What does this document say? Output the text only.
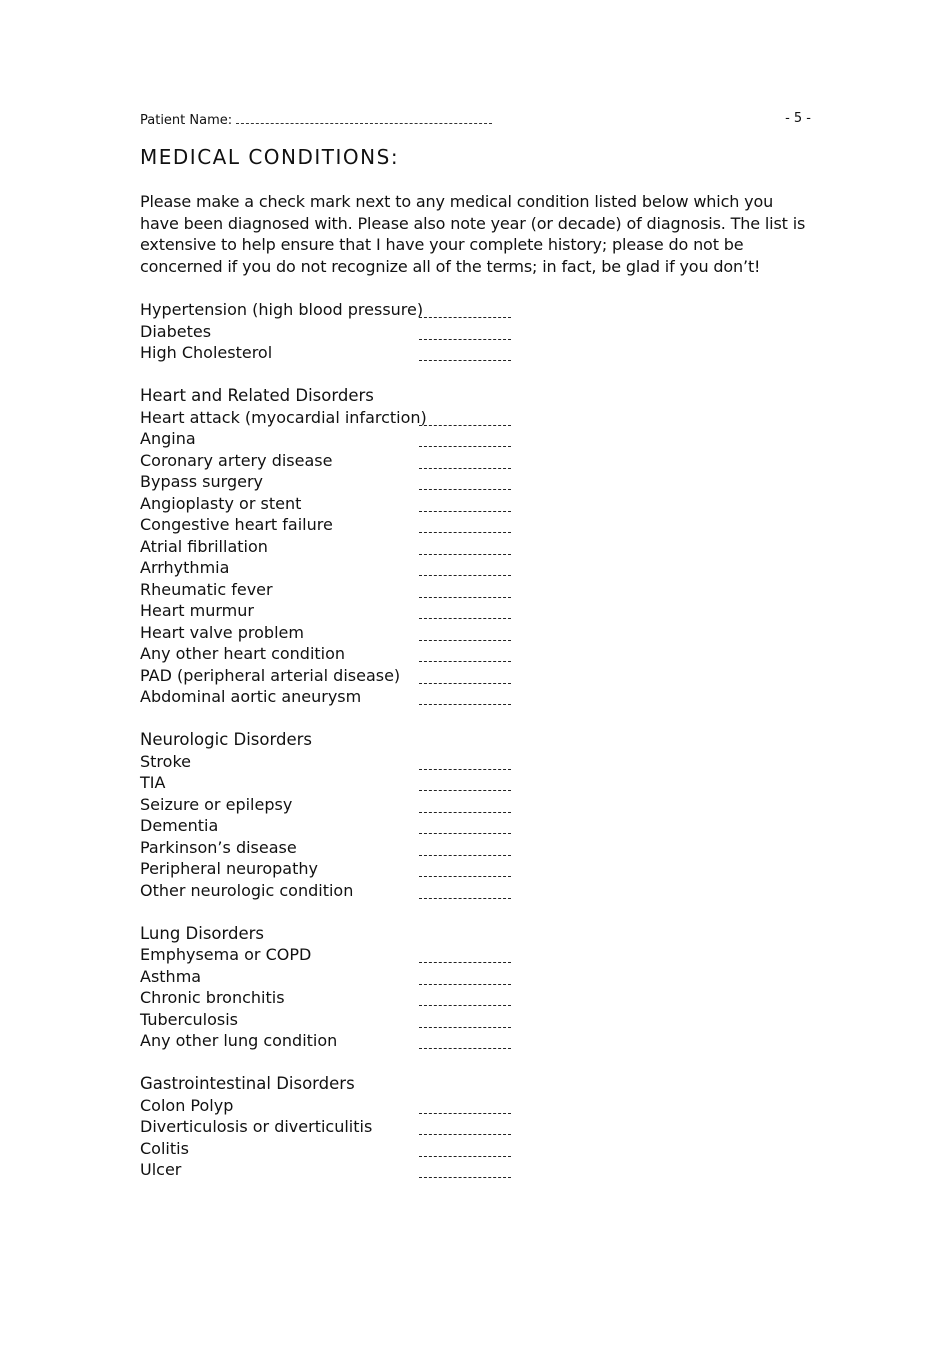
Patient Name:	- 5 -
MEDICAL CONDITIONS:

Please make a check mark next to any medical condition listed below which you have been diagnosed with. Please also note year (or decade) of diagnosis. The list is extensive to help ensure that I have your complete history; please do not be concerned if you do not recognize all of the terms; in fact, be glad if you don’t!

Hypertension (high blood pressure)
Diabetes
High Cholesterol
Heart and Related Disorders
Heart attack (myocardial infarction)
Angina
Coronary artery disease
Bypass surgery
Angioplasty or stent
Congestive heart failure
Atrial fibrillation
Arrhythmia
Rheumatic fever
Heart murmur
Heart valve problem
Any other heart condition
PAD (peripheral arterial disease)
Abdominal aortic aneurysm
Neurologic Disorders
Stroke
TIA
Seizure or epilepsy
Dementia
Parkinson’s disease
Peripheral neuropathy
Other neurologic condition
Lung Disorders
Emphysema or COPD
Asthma
Chronic bronchitis
Tuberculosis
Any other lung condition
Gastrointestinal Disorders
Colon Polyp
Diverticulosis or diverticulitis
Colitis
Ulcer
